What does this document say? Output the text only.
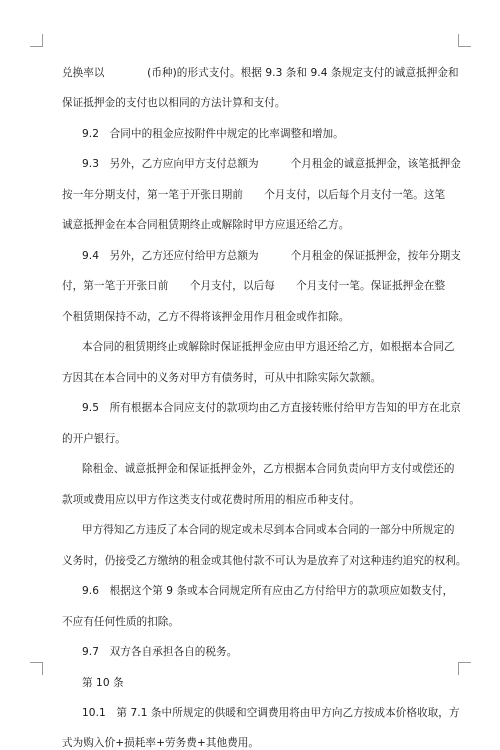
兑换率以　　　　(币种)的形式支付。根据 9.3 条和 9.4 条规定支付的诚意抵押金和
保证抵押金的支付也以相同的方法计算和支付。
9.2　合同中的租金应按附件中规定的比率调整和增加。
9.3　另外，乙方应向甲方支付总额为　　　个月租金的诚意抵押金，该笔抵押金
按一年分期支付，第一笔于开张日期前　　个月支付，以后每个月支付一笔。这笔
诚意抵押金在本合同租赁期终止或解除时甲方应退还给乙方。
9.4　另外，乙方还应付给甲方总额为　　　个月租金的保证抵押金，按年分期支
付，第一笔于开张日前　　个月支付，以后每　　个月支付一笔。保证抵押金在整
个租赁期保持不动，乙方不得将该押金用作月租金或作扣除。
本合同的租赁期终止或解除时保证抵押金应由甲方退还给乙方，如根据本合同乙
方因其在本合同中的义务对甲方有债务时，可从中扣除实际欠款额。
9.5　所有根据本合同应支付的款项均由乙方直接转账付给甲方告知的甲方在北京
的开户银行。
除租金、诚意抵押金和保证抵押金外，乙方根据本合同负责向甲方支付或偿还的
款项或费用应以甲方作这类支付或花费时所用的相应币种支付。
甲方得知乙方违反了本合同的规定或未尽到本合同或本合同的一部分中所规定的
义务时，仍接受乙方缴纳的租金或其他付款不可认为是放弃了对这种违约追究的权利。
9.6　根据这个第 9 条或本合同规定所有应由乙方付给甲方的款项应如数支付，
不应有任何性质的扣除。
9.7　双方各自承担各自的税务。
第 10 条
10.1　第 7.1 条中所规定的供暖和空调费用将由甲方向乙方按成本价格收取，方
式为购入价+损耗率+劳务费+其他费用。
